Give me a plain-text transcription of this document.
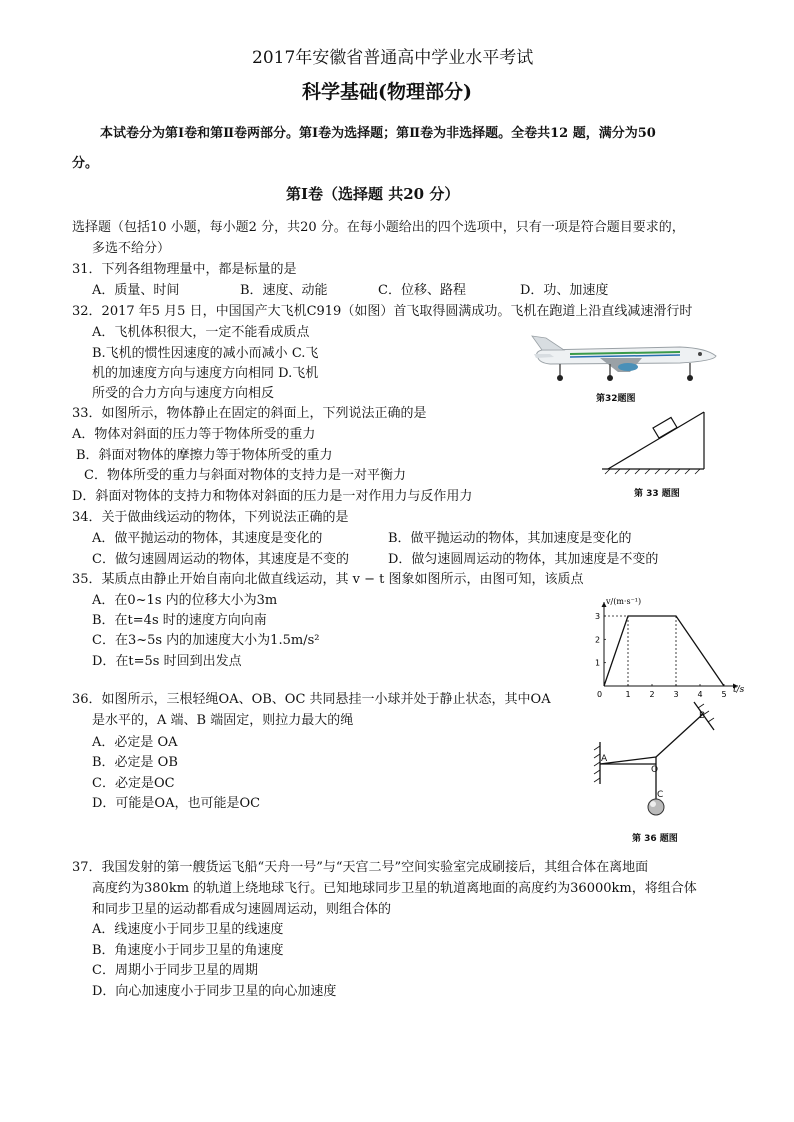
2017年安徽省普通高中学业水平考试
科学基础(物理部分)
本试卷分为第Ⅰ卷和第Ⅱ卷两部分。第Ⅰ卷为选择题；第Ⅱ卷为非选择题。全卷共12 题，满分为50
分。
第Ⅰ卷（选择题 共20 分）
选择题（包括10 小题，每小题2 分，共20 分。在每小题给出的四个选项中，只有一项是符合题目要求的，
多选不给分）
31．下列各组物理量中，都是标量的是
A．质量、时间	B．速度、动能	C．位移、路程	D．功、加速度
32．2017 年5 月5 日，中国国产大飞机C919（如图）首飞取得圆满成功。飞机在跑道上沿直线减速滑行时
A．飞机体积很大，一定不能看成质点
B.飞机的惯性因速度的减小而减小 C.飞
机的加速度方向与速度方向相同 D.飞机
所受的合力方向与速度方向相反	第32题图
33．如图所示，物体静止在固定的斜面上，下列说法正确的是
A．物体对斜面的压力等于物体所受的重力
B．斜面对物体的摩擦力等于物体所受的重力
C．物体所受的重力与斜面对物体的支持力是一对平衡力
D．斜面对物体的支持力和物体对斜面的压力是一对作用力与反作用力	第 33 题图
34．关于做曲线运动的物体，下列说法正确的是
A．做平抛运动的物体，其速度是变化的	B．做平抛运动的物体，其加速度是变化的
C．做匀速圆周运动的物体，其速度是不变的	D．做匀速圆周运动的物体，其加速度是不变的
35．某质点由静止开始自南向北做直线运动，其 v − t 图象如图所示，由图可知，该质点
A．在0~1s 内的位移大小为3m
B．在t=4s 时的速度方向向南
C．在3~5s 内的加速度大小为1.5m/s²
D．在t=5s 时回到出发点
0	1 2 3 4 5
1
2
3
v/(m·s⁻¹)
t/s
36．如图所示，三根轻绳OA、OB、OC 共同悬挂一小球并处于静止状态，其中OA
是水平的，A 端、B 端固定，则拉力最大的绳
A．必定是 OA
B．必定是 OB
C．必定是OC
D．可能是OA，也可能是OC
A
B
O
C
第 36 题图
37．我国发射的第一艘货运飞船“天舟一号”与“天宫二号”空间实验室完成刷接后，其组合体在离地面
高度约为380km 的轨道上绕地球飞行。已知地球同步卫星的轨道离地面的高度约为36000km，将组合体
和同步卫星的运动都看成匀速圆周运动，则组合体的
A．线速度小于同步卫星的线速度
B．角速度小于同步卫星的角速度
C．周期小于同步卫星的周期
D．向心加速度小于同步卫星的向心加速度
